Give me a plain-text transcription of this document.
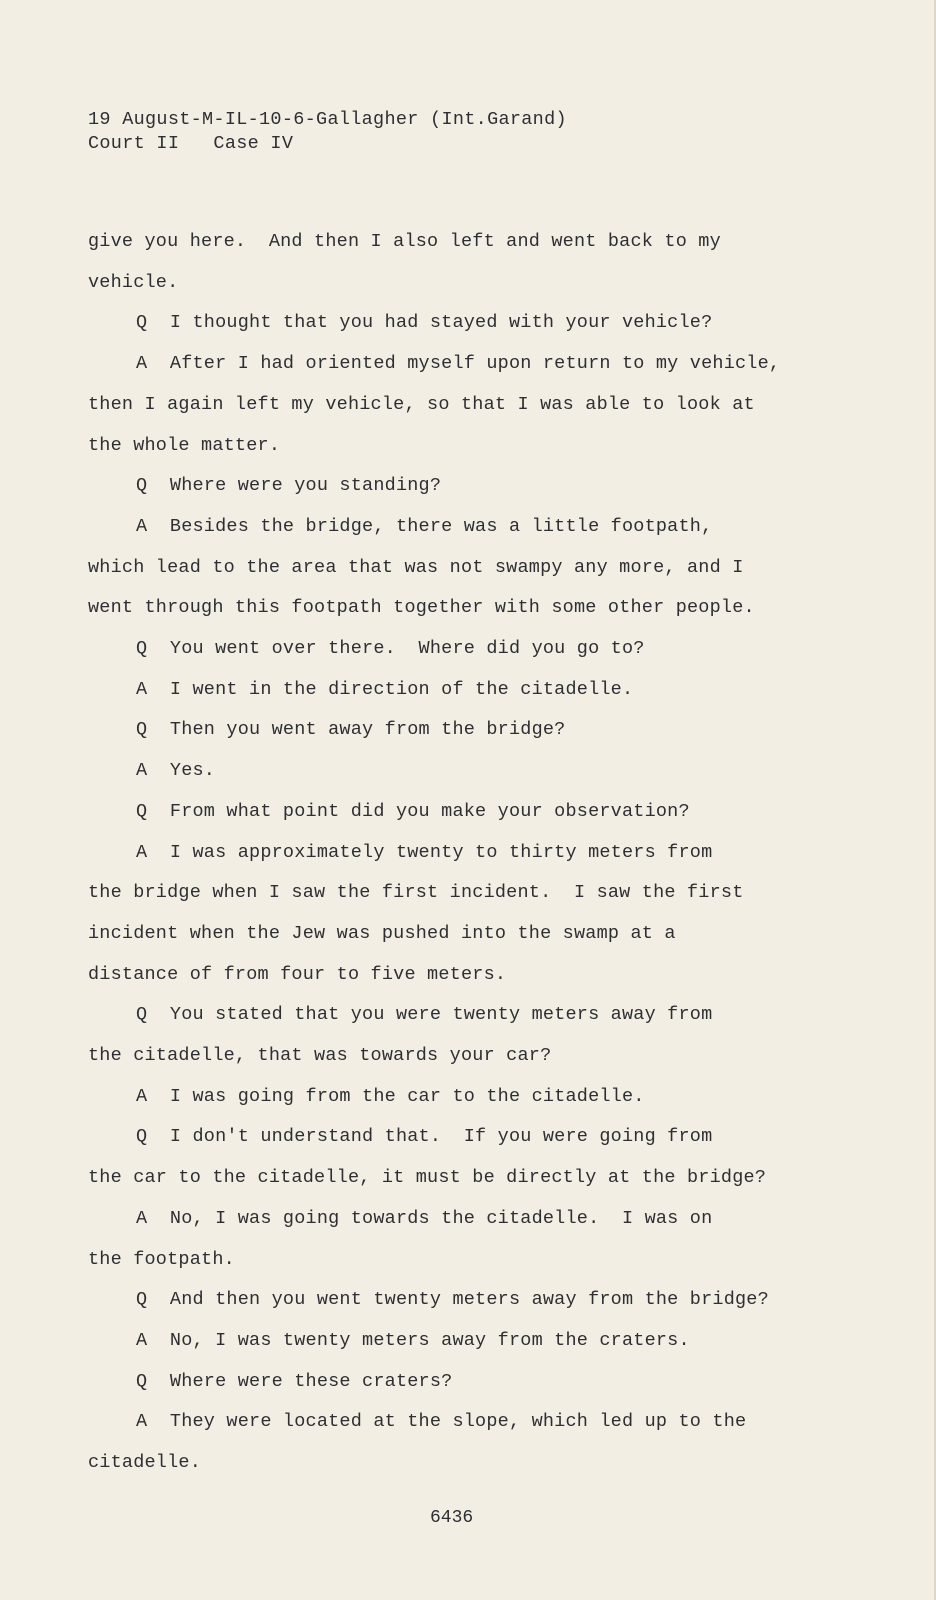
19 August-M-IL-10-6-Gallagher (Int.Garand)
Court II   Case IV
give you here.  And then I also left and went back to my
vehicle.
Q  I thought that you had stayed with your vehicle?
A  After I had oriented myself upon return to my vehicle,
then I again left my vehicle, so that I was able to look at
the whole matter.
Q  Where were you standing?
A  Besides the bridge, there was a little footpath,
which lead to the area that was not swampy any more, and I
went through this footpath together with some other people.
Q  You went over there.  Where did you go to?
A  I went in the direction of the citadelle.
Q  Then you went away from the bridge?
A  Yes.
Q  From what point did you make your observation?
A  I was approximately twenty to thirty meters from
the bridge when I saw the first incident.  I saw the first
incident when the Jew was pushed into the swamp at a
distance of from four to five meters.
Q  You stated that you were twenty meters away from
the citadelle, that was towards your car?
A  I was going from the car to the citadelle.
Q  I don't understand that.  If you were going from
the car to the citadelle, it must be directly at the bridge?
A  No, I was going towards the citadelle.  I was on
the footpath.
Q  And then you went twenty meters away from the bridge?
A  No, I was twenty meters away from the craters.
Q  Where were these craters?
A  They were located at the slope, which led up to the
citadelle.
6436
